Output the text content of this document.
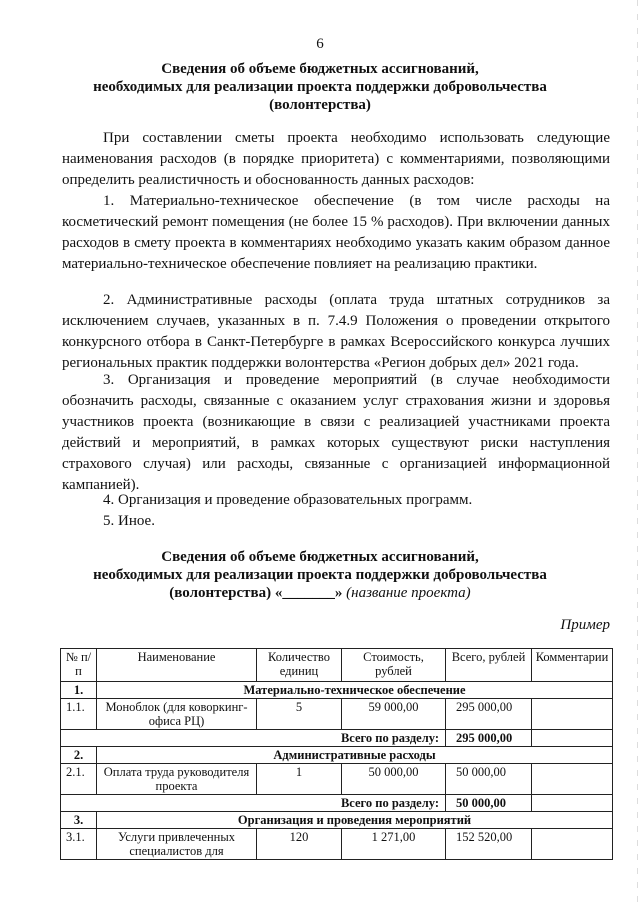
6
Сведения об объеме бюджетных ассигнований,
необходимых для реализации проекта поддержки добровольчества
(волонтерства)

При составлении сметы проекта необходимо использовать следующие наименования расходов (в порядке приоритета) с комментариями, позволяющими определить реалистичность и обоснованность данных расходов:

1. Материально-техническое обеспечение (в том числе расходы на косметический ремонт помещения (не более 15 % расходов). При включении данных расходов в смету проекта в комментариях необходимо указать каким образом данное материально-техническое обеспечение повлияет на реализацию практики.

2. Административные расходы (оплата труда штатных сотрудников за исключением случаев, указанных в п. 7.4.9 Положения о проведении открытого конкурсного отбора в Санкт-Петербурге в рамках Всероссийского конкурса лучших региональных практик поддержки волонтерства «Регион добрых дел» 2021 года.

3. Организация и проведение мероприятий (в случае необходимости обозначить расходы, связанные с оказанием услуг страхования жизни и здоровья участников проекта (возникающие в связи с реализацией участниками проекта действий и мероприятий, в рамках которых существуют риски наступления страхового случая) или расходы, связанные с организацией информационной кампанией).

4. Организация и проведение образовательных программ.

5. Иное.

Сведения об объеме бюджетных ассигнований,
необходимых для реализации проекта поддержки добровольчества
(волонтерства) «_______» (название проекта)
Пример
№ п/п	Наименование	Количество единиц	Стоимость, рублей	Всего, рублей	Комментарии
1.	Материально-техническое обеспечение				
1.1.	Моноблок (для коворкинг-офиса РЦ)	5	59 000,00	295 000,00	
Всего по разделу:				295 000,00	
2.	Административные расходы				
2.1.	Оплата труда руководителя проекта	1	50 000,00	50 000,00	
Всего по разделу:				50 000,00	
3.	Организация и проведения мероприятий				
3.1.	Услуги привлеченных специалистов для	120	1 271,00	152 520,00	
